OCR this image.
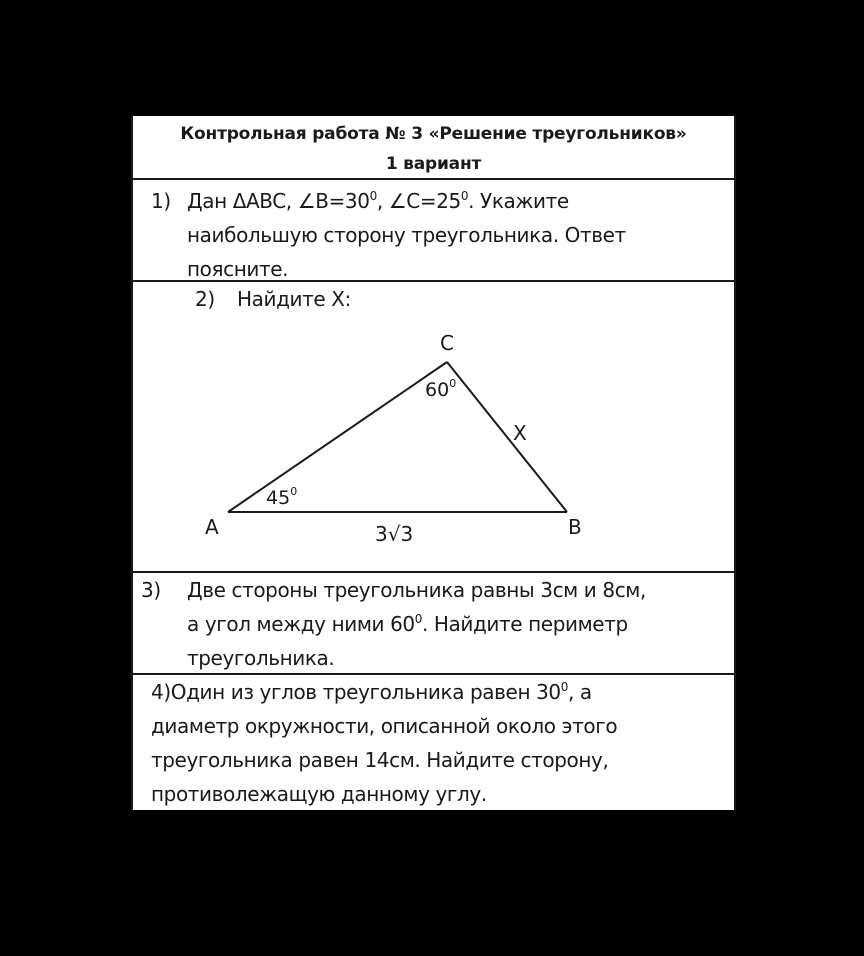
Контрольная работа № 3 «Решение треугольников»
1 вариант
1) Дан ΔABC, $\angle B=30^0$, $\angle C=25^0$. Укажите
наибольшую сторону треугольника. Ответ
поясните.
A	B
C
$45^0$
$60^0$
X
3√3
2) Найдите Х:
3) Две стороны треугольника равны 3см и 8см,
а угол между ними $60^0$. Найдите периметр
треугольника.
4)Один из углов треугольника равен $30^0$, а
диаметр окружности, описанной около этого
треугольника равен 14см. Найдите сторону,
противолежащую данному углу.
